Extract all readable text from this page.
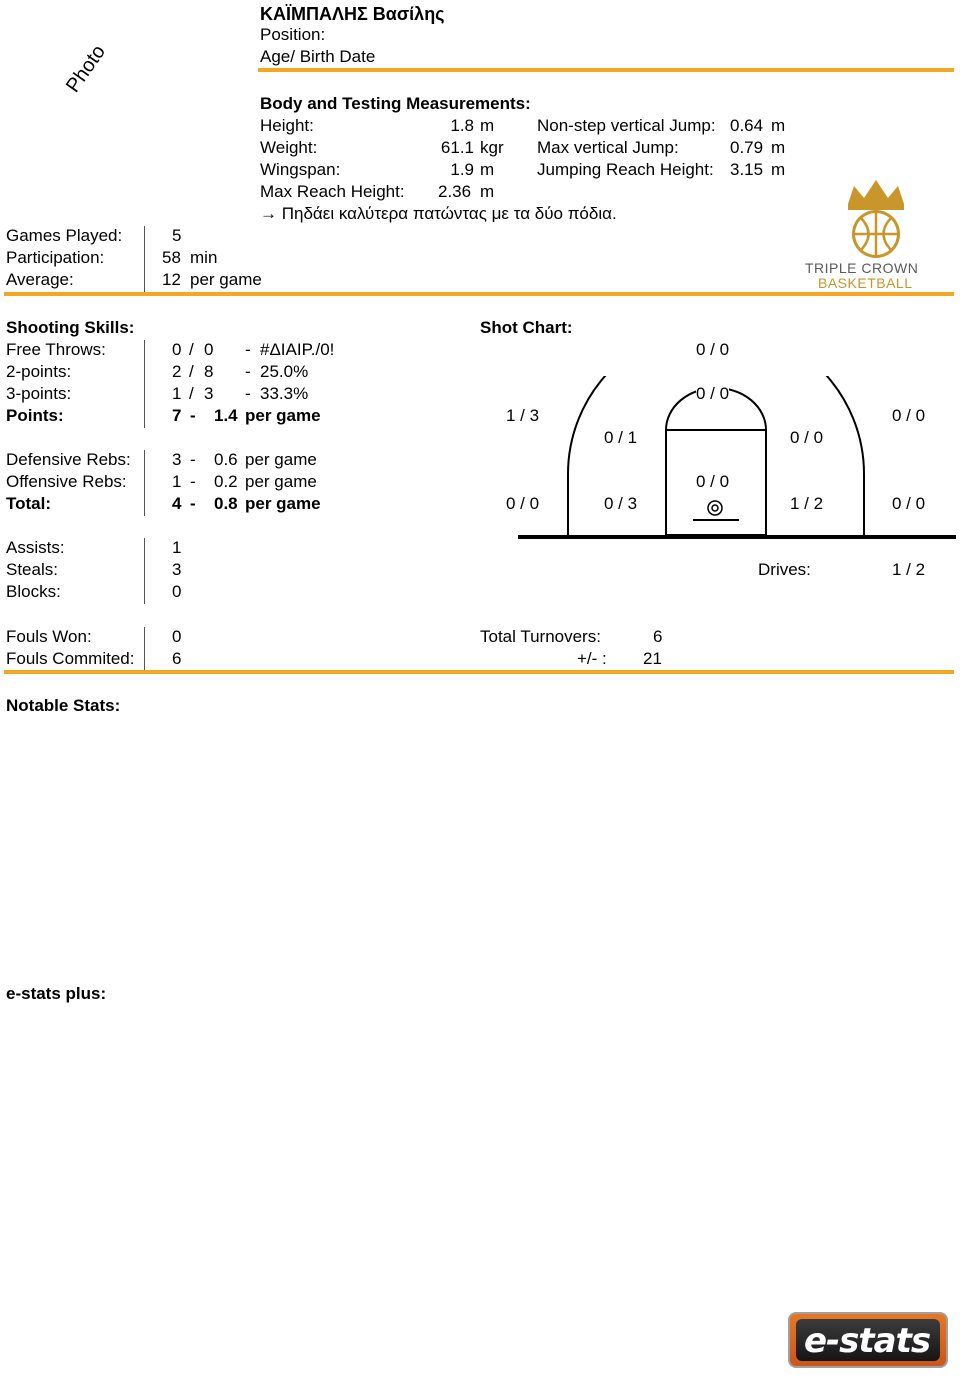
Photo
ΚΑΪΜΠΑΛΗΣ Βασίλης
Position:
Age/ Birth Date
Body and Testing Measurements:
Height:	1.8 m
Weight:	61.1 kgr
Wingspan:	1.9 m
Max Reach Height: 2.36 m
Non-step vertical Jump: 0.64 m
Max vertical Jump:	0.79 m
Jumping Reach Height: 3.15 m
→ Πηδάει καλύτερα πατώντας με τα δύο πόδια.
Games Played:	5
Participation:	58 min
Average:	12 per game
TRIPLE CROWN
BASKETBALL
Shooting Skills:
Free Throws:	0 / 0 - #ΔΙΑΙΡ./0!
2-points:	2 / 8 - 25.0%
3-points:	1 / 3 - 33.3%
Points:	7 - 1.4 per game
Defensive Rebs: 3 - 0.6 per game
Offensive Rebs:	1 - 0.2 per game
Total:	4 - 0.8 per game
Assists:	1
Steals:	3
Blocks:	0
Drives:	1 / 2
Fouls Won:	0
Fouls Commited: 6
Total Turnovers:	6
+/- : 21
Shot Chart:
0 / 0
0 / 0
1 / 3	0 / 0
0 / 1	0 / 0
0 / 0
0 / 0	0 / 3	1 / 2	0 / 0
Notable Stats:
e-stats plus:
e-stats
